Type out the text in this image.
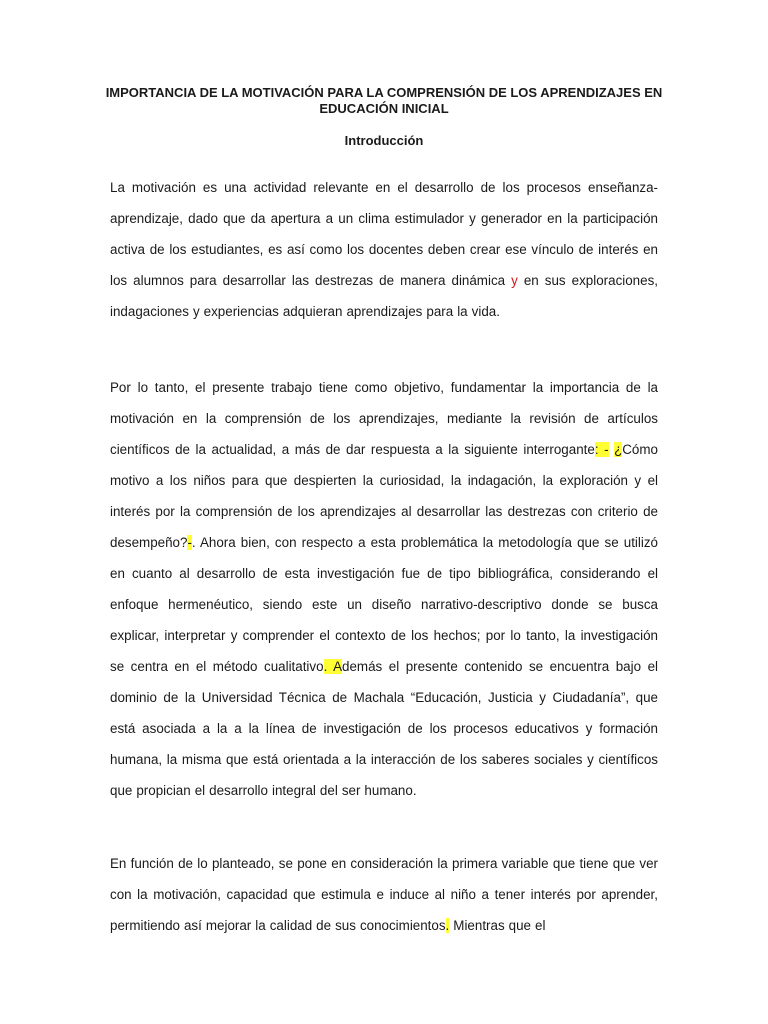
IMPORTANCIA DE LA MOTIVACIÓN PARA LA COMPRENSIÓN DE LOS APRENDIZAJES EN EDUCACIÓN INICIAL
Introducción

La motivación es una actividad relevante en el desarrollo de los procesos enseñanza-aprendizaje, dado que da apertura a un clima estimulador y generador en la participación activa de los estudiantes, es así como los docentes deben crear ese vínculo de interés en los alumnos para desarrollar las destrezas de manera dinámica y en sus exploraciones, indagaciones y experiencias adquieran aprendizajes para la vida.

Por lo tanto, el presente trabajo tiene como objetivo, fundamentar la importancia de la motivación en la comprensión de los aprendizajes, mediante la revisión de artículos científicos de la actualidad, a más de dar respuesta a la siguiente interrogante: - ¿Cómo motivo a los niños para que despierten la curiosidad, la indagación, la exploración y el interés por la comprensión de los aprendizajes al desarrollar las destrezas con criterio de desempeño?-. Ahora bien, con respecto a esta problemática la metodología que se utilizó en cuanto al desarrollo de esta investigación fue de tipo bibliográfica, considerando el enfoque hermenéutico, siendo este un diseño narrativo-descriptivo donde se busca explicar, interpretar y comprender el contexto de los hechos; por lo tanto, la investigación se centra en el método cualitativo. Además el presente contenido se encuentra bajo el dominio de la Universidad Técnica de Machala “Educación, Justicia y Ciudadanía”, que está asociada a la a la línea de investigación de los procesos educativos y formación humana, la misma que está orientada a la interacción de los saberes sociales y científicos que propician el desarrollo integral del ser humano.

En función de lo planteado, se pone en consideración la primera variable que tiene que ver con la motivación, capacidad que estimula e induce al niño a tener interés por aprender, permitiendo así mejorar la calidad de sus conocimientos. Mientras que el
